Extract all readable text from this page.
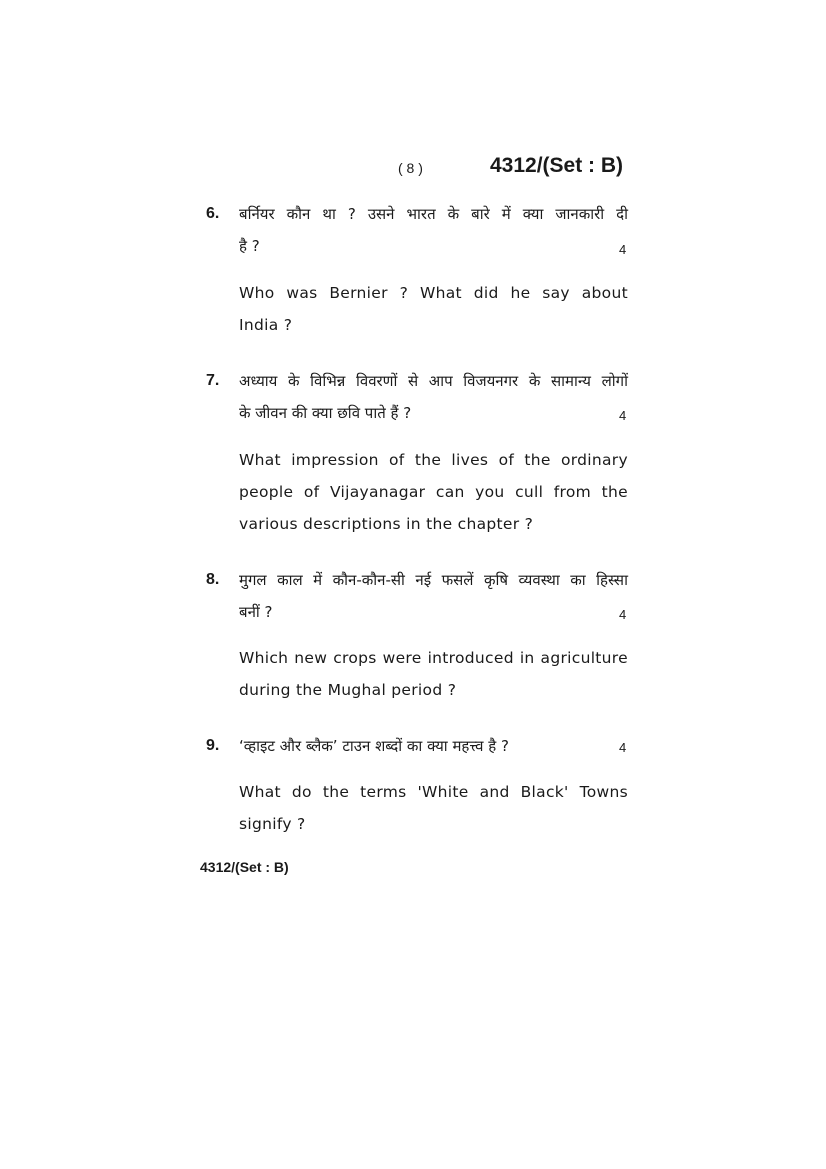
( 8 )	4312/(Set : B)
6. बर्नियर कौन था ? उसने भारत के बारे में क्या जानकारी दी
है ?	4
Who was Bernier ? What did he say about
India ?
7. अध्याय के विभिन्न विवरणों से आप विजयनगर के सामान्य लोगों
के जीवन की क्या छवि पाते हैं ?	4
What impression of the lives of the ordinary
people of Vijayanagar can you cull from the
various descriptions in the chapter ?
8. मुगल काल में कौन-कौन-सी नई फसलें कृषि व्यवस्था का हिस्सा
बनीं ?	4
Which new crops were introduced in agriculture
during the Mughal period ?
9. ‘व्हाइट और ब्लैक’ टाउन शब्दों का क्या महत्त्व है ?	4
What do the terms 'White and Black' Towns
signify ?
4312/(Set : B)
